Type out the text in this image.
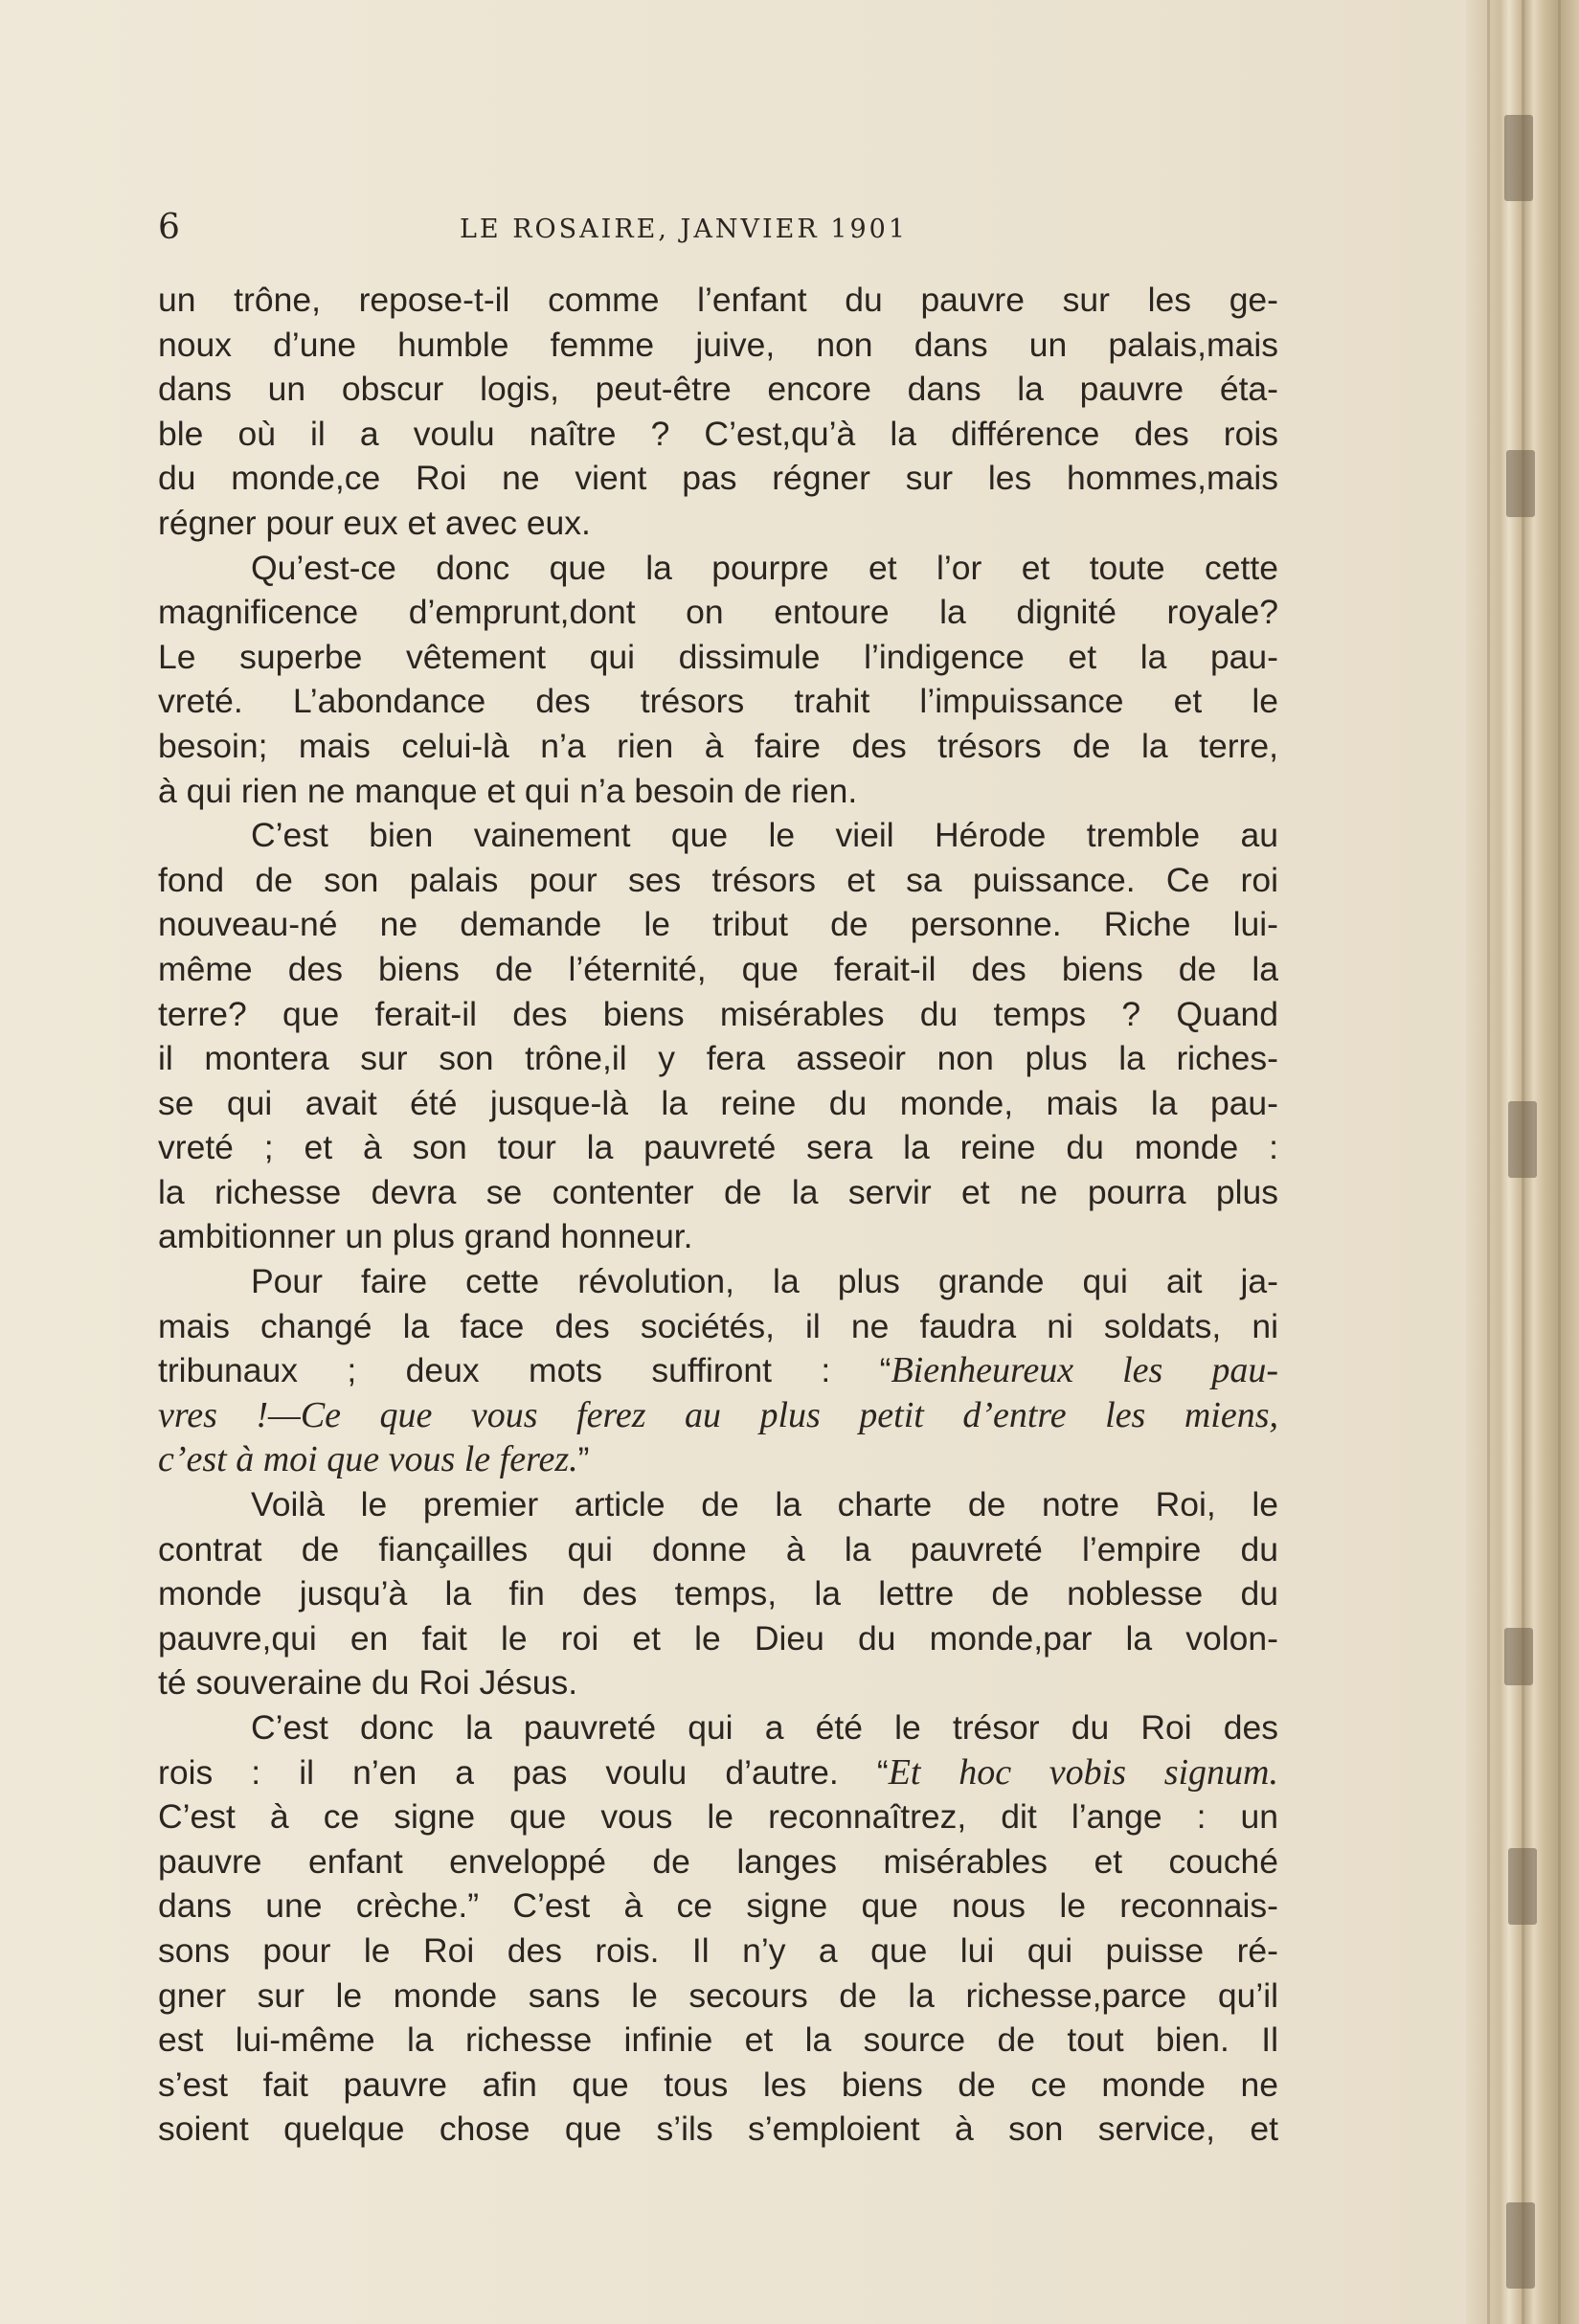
6	LE ROSAIRE, JANVIER 1901
un trône, repose-t-il comme l’enfant du pauvre sur les ge-
noux d’une humble femme juive, non dans un palais,mais
dans un obscur logis, peut-être encore dans la pauvre éta-
ble où il a voulu naître ? C’est,qu’à la différence des rois
du monde,ce Roi ne vient pas régner sur les hommes,mais
régner pour eux et avec eux.
Qu’est-ce donc que la pourpre et l’or et toute cette
magnificence d’emprunt,dont on entoure la dignité royale?
Le superbe vêtement qui dissimule l’indigence et la pau-
vreté. L’abondance des trésors trahit l’impuissance et le
besoin; mais celui-là n’a rien à faire des trésors de la terre,
à qui rien ne manque et qui n’a besoin de rien.
C’est bien vainement que le vieil Hérode tremble au
fond de son palais pour ses trésors et sa puissance. Ce roi
nouveau-né ne demande le tribut de personne. Riche lui-
même des biens de l’éternité, que ferait-il des biens de la
terre? que ferait-il des biens misérables du temps ? Quand
il montera sur son trône,il y fera asseoir non plus la riches-
se qui avait été jusque-là la reine du monde, mais la pau-
vreté ; et à son tour la pauvreté sera la reine du monde :
la richesse devra se contenter de la servir et ne pourra plus
ambitionner un plus grand honneur.
Pour faire cette révolution, la plus grande qui ait ja-
mais changé la face des sociétés, il ne faudra ni soldats, ni
tribunaux ; deux mots suffiront : “Bienheureux les pau-
vres !—Ce que vous ferez au plus petit d’entre les miens,
c’est à moi que vous le ferez.”
Voilà le premier article de la charte de notre Roi, le
contrat de fiançailles qui donne à la pauvreté l’empire du
monde jusqu’à la fin des temps, la lettre de noblesse du
pauvre,qui en fait le roi et le Dieu du monde,par la volon-
té souveraine du Roi Jésus.
C’est donc la pauvreté qui a été le trésor du Roi des
rois : il n’en a pas voulu d’autre. “Et hoc vobis signum.
C’est à ce signe que vous le reconnaîtrez, dit l’ange : un
pauvre enfant enveloppé de langes misérables et couché
dans une crèche.” C’est à ce signe que nous le reconnais-
sons pour le Roi des rois. Il n’y a que lui qui puisse ré-
gner sur le monde sans le secours de la richesse,parce qu’il
est lui-même la richesse infinie et la source de tout bien. Il
s’est fait pauvre afin que tous les biens de ce monde ne
soient quelque chose que s’ils s’emploient à son service, et
